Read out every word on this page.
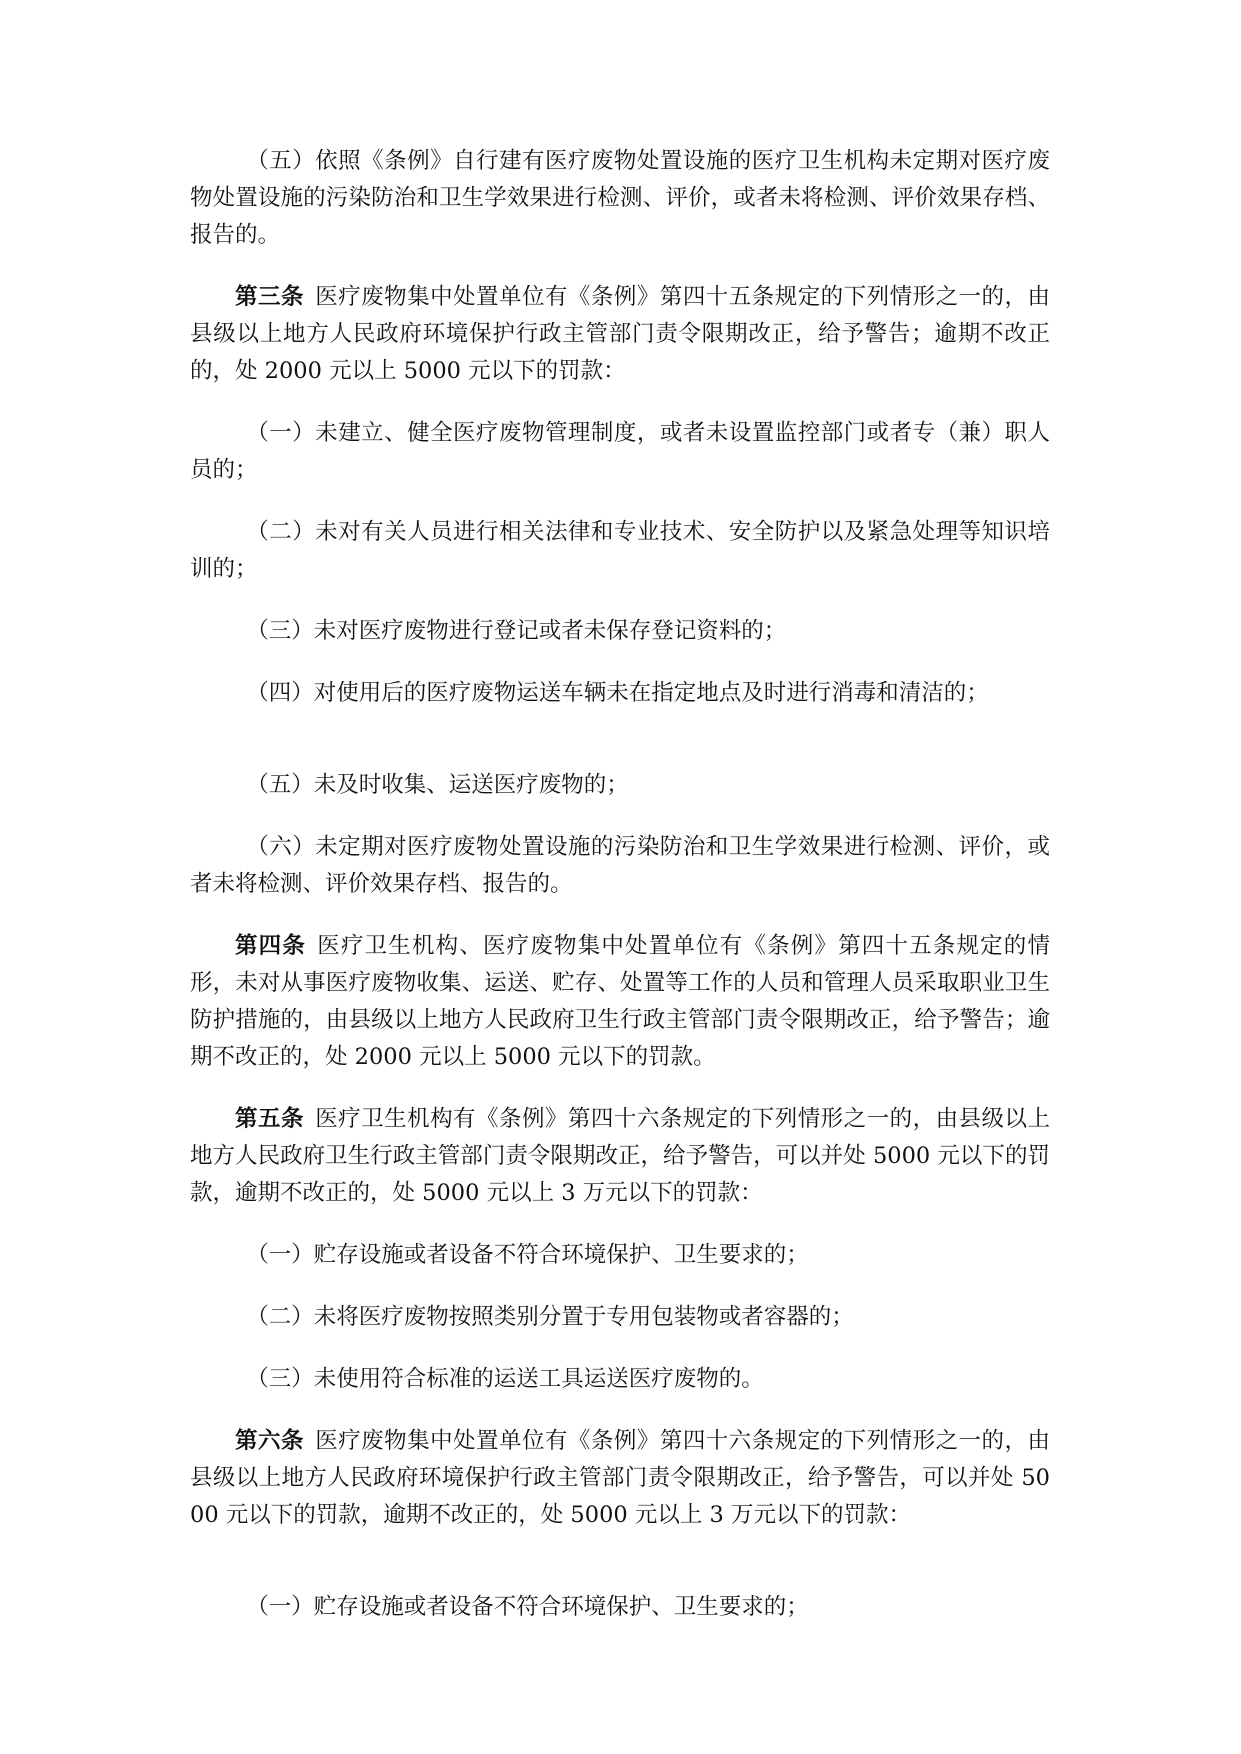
（五）依照《条例》自行建有医疗废物处置设施的医疗卫生机构未定期对医疗废物处置设施的污染防治和卫生学效果进行检测、评价，或者未将检测、评价效果存档、报告的。

第三条 医疗废物集中处置单位有《条例》第四十五条规定的下列情形之一的，由县级以上地方人民政府环境保护行政主管部门责令限期改正，给予警告；逾期不改正的，处 2000 元以上 5000 元以下的罚款：

（一）未建立、健全医疗废物管理制度，或者未设置监控部门或者专（兼）职人员的；

（二）未对有关人员进行相关法律和专业技术、安全防护以及紧急处理等知识培训的；

（三）未对医疗废物进行登记或者未保存登记资料的；

（四）对使用后的医疗废物运送车辆未在指定地点及时进行消毒和清洁的；

（五）未及时收集、运送医疗废物的；

（六）未定期对医疗废物处置设施的污染防治和卫生学效果进行检测、评价，或者未将检测、评价效果存档、报告的。

第四条 医疗卫生机构、医疗废物集中处置单位有《条例》第四十五条规定的情形，未对从事医疗废物收集、运送、贮存、处置等工作的人员和管理人员采取职业卫生防护措施的，由县级以上地方人民政府卫生行政主管部门责令限期改正，给予警告；逾期不改正的，处 2000 元以上 5000 元以下的罚款。

第五条 医疗卫生机构有《条例》第四十六条规定的下列情形之一的，由县级以上地方人民政府卫生行政主管部门责令限期改正，给予警告，可以并处 5000 元以下的罚款，逾期不改正的，处 5000 元以上 3 万元以下的罚款：

（一）贮存设施或者设备不符合环境保护、卫生要求的；

（二）未将医疗废物按照类别分置于专用包装物或者容器的；

（三）未使用符合标准的运送工具运送医疗废物的。

第六条 医疗废物集中处置单位有《条例》第四十六条规定的下列情形之一的，由县级以上地方人民政府环境保护行政主管部门责令限期改正，给予警告，可以并处 5000 元以下的罚款，逾期不改正的，处 5000 元以上 3 万元以下的罚款：

（一）贮存设施或者设备不符合环境保护、卫生要求的；
